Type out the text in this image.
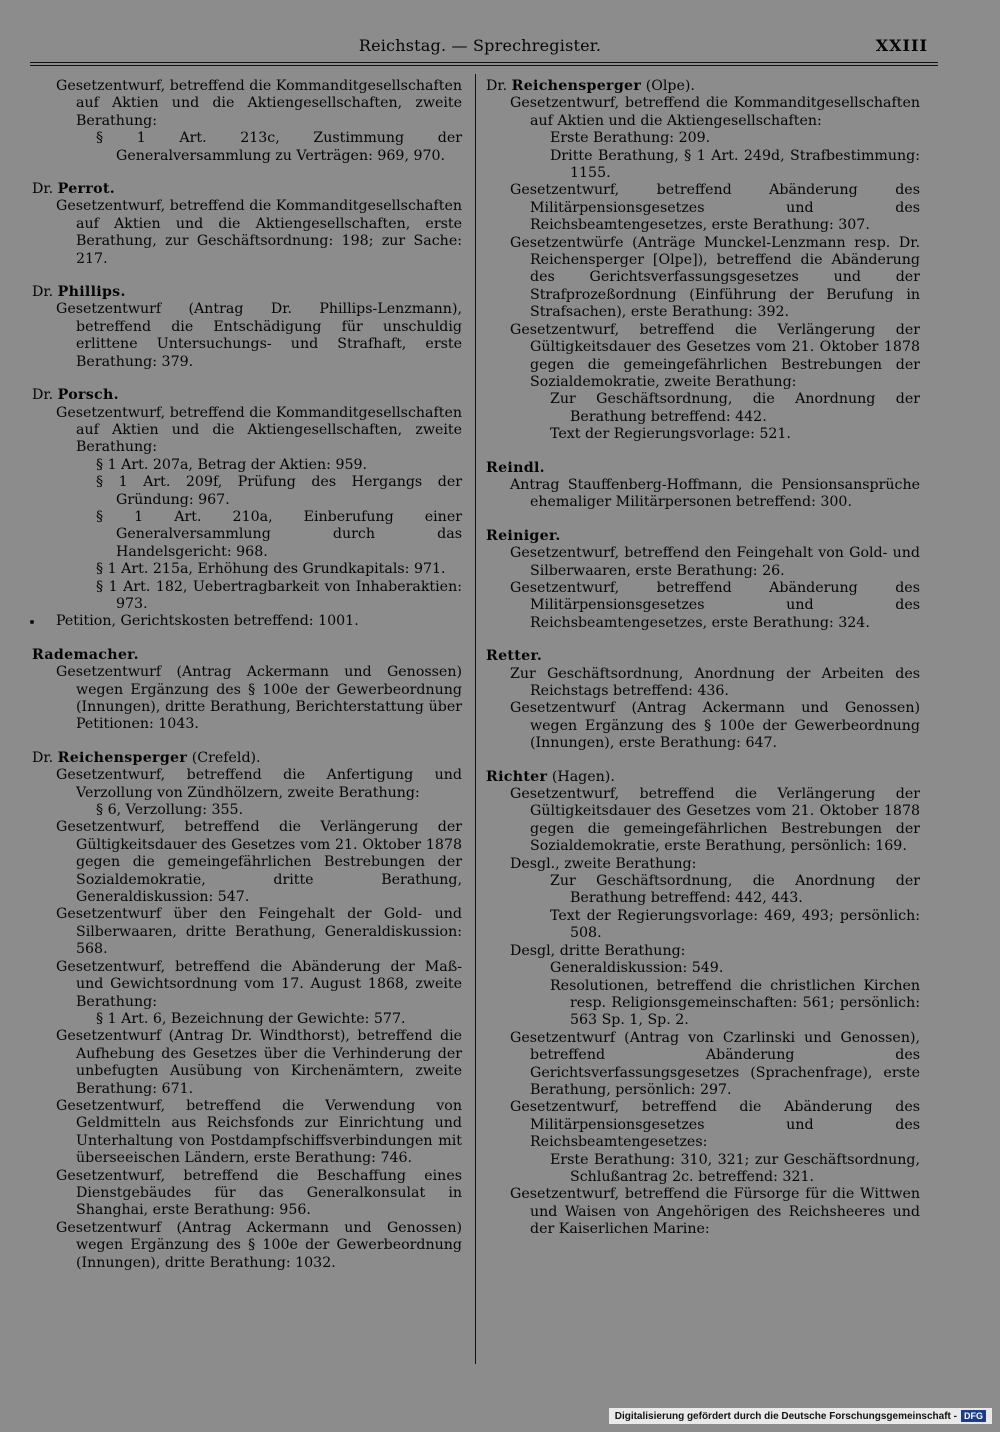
Reichstag. — Sprechregister.	XXIII
Gesetzentwurf, betreffend die Kommanditgesellschaften auf Aktien und die Aktiengesellschaften, zweite Berathung:
§ 1 Art. 213c, Zustimmung der Generalversammlung zu Verträgen: 969, 970.
Dr. Perrot.
Gesetzentwurf, betreffend die Kommanditgesellschaften auf Aktien und die Aktiengesellschaften, erste Berathung, zur Geschäftsordnung: 198; zur Sache: 217.
Dr. Phillips.
Gesetzentwurf (Antrag Dr. Phillips-Lenzmann), betreffend die Entschädigung für unschuldig erlittene Untersuchungs- und Strafhaft, erste Berathung: 379.
Dr. Porsch.
Gesetzentwurf, betreffend die Kommanditgesellschaften auf Aktien und die Aktiengesellschaften, zweite Berathung:
§ 1 Art. 207a, Betrag der Aktien: 959.
§ 1 Art. 209f, Prüfung des Hergangs der Gründung: 967.
§ 1 Art. 210a, Einberufung einer Generalversammlung durch das Handelsgericht: 968.
§ 1 Art. 215a, Erhöhung des Grundkapitals: 971.
§ 1 Art. 182, Uebertragbarkeit von Inhaberaktien: 973.
Petition, Gerichtskosten betreffend: 1001.
Rademacher.
Gesetzentwurf (Antrag Ackermann und Genossen) wegen Ergänzung des § 100e der Gewerbeordnung (Innungen), dritte Berathung, Berichterstattung über Petitionen: 1043.
Dr. Reichensperger (Crefeld).
Gesetzentwurf, betreffend die Anfertigung und Verzollung von Zündhölzern, zweite Berathung:
§ 6, Verzollung: 355.
Gesetzentwurf, betreffend die Verlängerung der Gültigkeitsdauer des Gesetzes vom 21. Oktober 1878 gegen die gemeingefährlichen Bestrebungen der Sozialdemokratie, dritte Berathung, Generaldiskussion: 547.
Gesetzentwurf über den Feingehalt der Gold- und Silberwaaren, dritte Berathung, Generaldiskussion: 568.
Gesetzentwurf, betreffend die Abänderung der Maß- und Gewichtsordnung vom 17. August 1868, zweite Berathung:
§ 1 Art. 6, Bezeichnung der Gewichte: 577.
Gesetzentwurf (Antrag Dr. Windthorst), betreffend die Aufhebung des Gesetzes über die Verhinderung der unbefugten Ausübung von Kirchenämtern, zweite Berathung: 671.
Gesetzentwurf, betreffend die Verwendung von Geldmitteln aus Reichsfonds zur Einrichtung und Unterhaltung von Postdampfschiffsverbindungen mit überseeischen Ländern, erste Berathung: 746.
Gesetzentwurf, betreffend die Beschaffung eines Dienstgebäudes für das Generalkonsulat in Shanghai, erste Berathung: 956.
Gesetzentwurf (Antrag Ackermann und Genossen) wegen Ergänzung des § 100e der Gewerbeordnung (Innungen), dritte Berathung: 1032.
Dr. Reichensperger (Olpe).
Gesetzentwurf, betreffend die Kommanditgesellschaften auf Aktien und die Aktiengesellschaften:
Erste Berathung: 209.
Dritte Berathung, § 1 Art. 249d, Strafbestimmung: 1155.
Gesetzentwurf, betreffend Abänderung des Militärpensionsgesetzes und des Reichsbeamtengesetzes, erste Berathung: 307.
Gesetzentwürfe (Anträge Munckel-Lenzmann resp. Dr. Reichensperger [Olpe]), betreffend die Abänderung des Gerichtsverfassungsgesetzes und der Strafprozeßordnung (Einführung der Berufung in Strafsachen), erste Berathung: 392.
Gesetzentwurf, betreffend die Verlängerung der Gültigkeitsdauer des Gesetzes vom 21. Oktober 1878 gegen die gemeingefährlichen Bestrebungen der Sozialdemokratie, zweite Berathung:
Zur Geschäftsordnung, die Anordnung der Berathung betreffend: 442.
Text der Regierungsvorlage: 521.
Reindl.
Antrag Stauffenberg-Hoffmann, die Pensionsansprüche ehemaliger Militärpersonen betreffend: 300.
Reiniger.
Gesetzentwurf, betreffend den Feingehalt von Gold- und Silberwaaren, erste Berathung: 26.
Gesetzentwurf, betreffend Abänderung des Militärpensionsgesetzes und des Reichsbeamtengesetzes, erste Berathung: 324.
Retter.
Zur Geschäftsordnung, Anordnung der Arbeiten des Reichstags betreffend: 436.
Gesetzentwurf (Antrag Ackermann und Genossen) wegen Ergänzung des § 100e der Gewerbeordnung (Innungen), erste Berathung: 647.
Richter (Hagen).
Gesetzentwurf, betreffend die Verlängerung der Gültigkeitsdauer des Gesetzes vom 21. Oktober 1878 gegen die gemeingefährlichen Bestrebungen der Sozialdemokratie, erste Berathung, persönlich: 169.
Desgl., zweite Berathung:
Zur Geschäftsordnung, die Anordnung der Berathung betreffend: 442, 443.
Text der Regierungsvorlage: 469, 493; persönlich: 508.
Desgl, dritte Berathung:
Generaldiskussion: 549.
Resolutionen, betreffend die christlichen Kirchen resp. Religionsgemeinschaften: 561; persönlich: 563 Sp. 1, Sp. 2.
Gesetzentwurf (Antrag von Czarlinski und Genossen), betreffend Abänderung des Gerichtsverfassungsgesetzes (Sprachenfrage), erste Berathung, persönlich: 297.
Gesetzentwurf, betreffend die Abänderung des Militärpensionsgesetzes und des Reichsbeamtengesetzes:
Erste Berathung: 310, 321; zur Geschäftsordnung, Schlußantrag 2c. betreffend: 321.
Gesetzentwurf, betreffend die Fürsorge für die Wittwen und Waisen von Angehörigen des Reichsheeres und der Kaiserlichen Marine:
Digitalisierung gefördert durch die Deutsche Forschungsgemeinschaft - DFG
